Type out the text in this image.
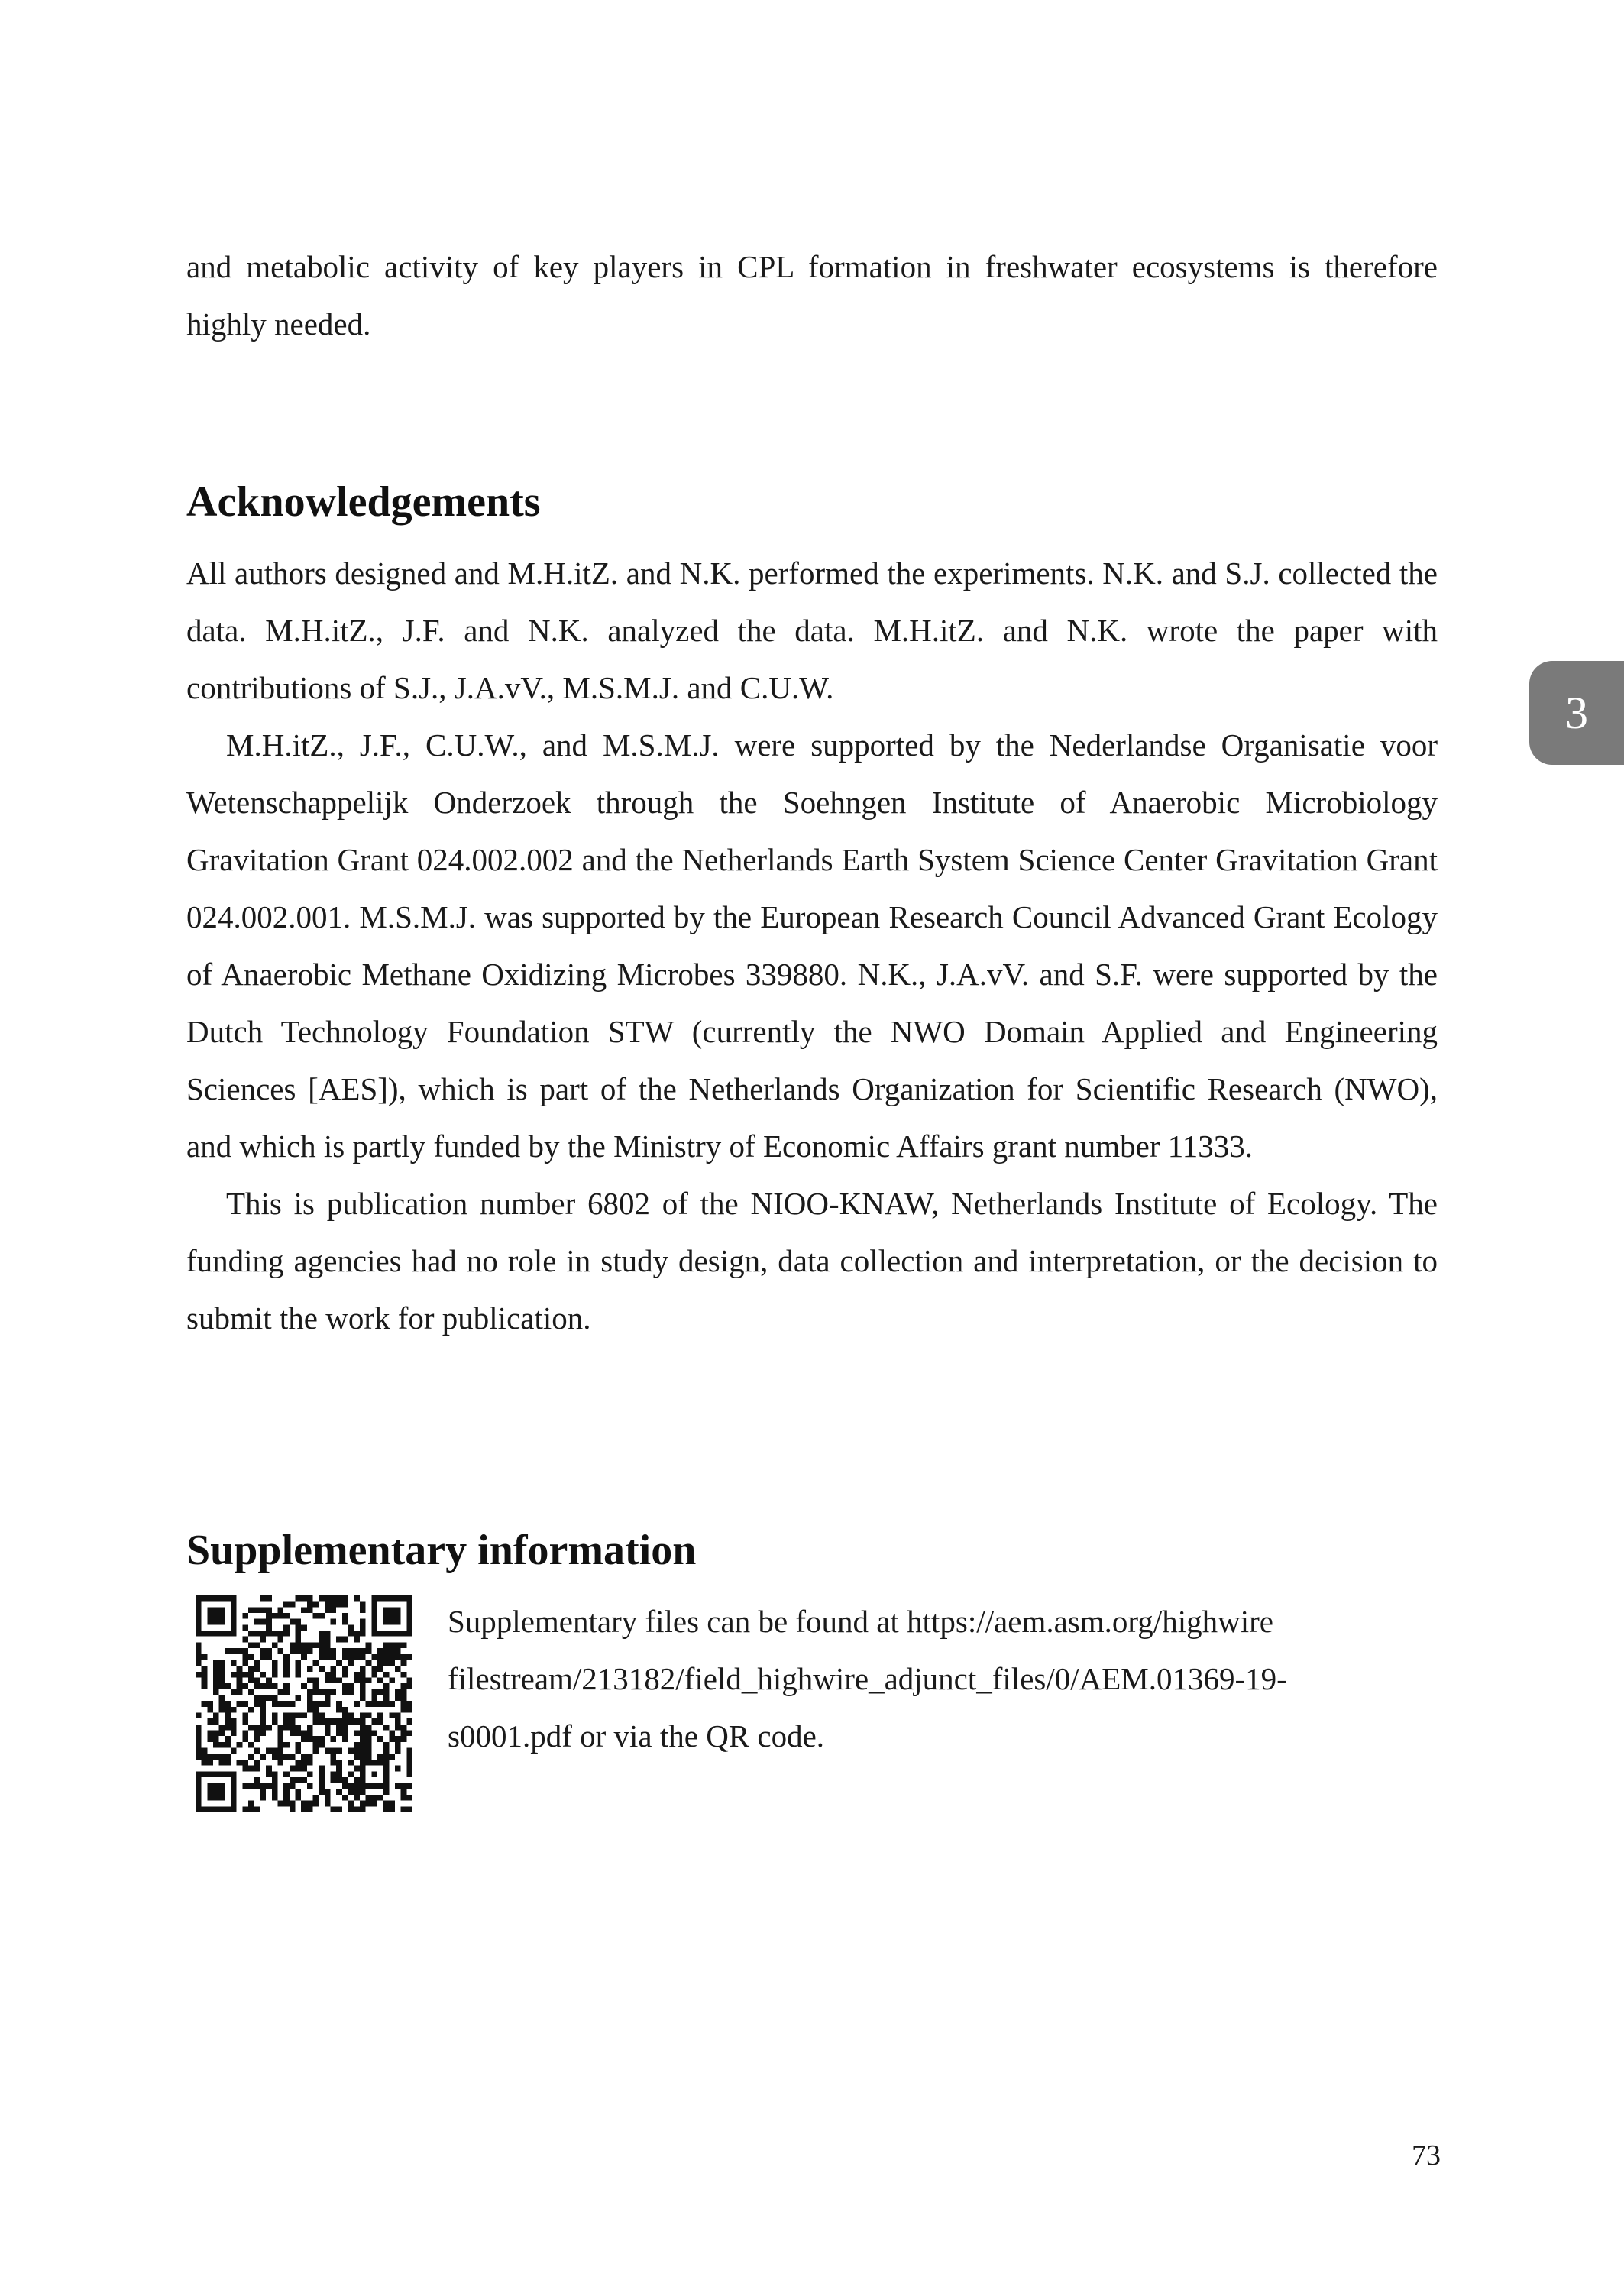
and metabolic activity of key players in CPL formation in freshwater ecosystems is therefore highly needed.

Acknowledgements

All authors designed and M.H.itZ. and N.K. performed the experiments. N.K. and S.J. collected the data. M.H.itZ., J.F. and N.K. analyzed the data. M.H.itZ. and N.K. wrote the paper with contributions of S.J., J.A.vV., M.S.M.J. and C.U.W.

M.H.itZ., J.F., C.U.W., and M.S.M.J. were supported by the Nederlandse Organisatie voor Wetenschappelijk Onderzoek through the Soehngen Institute of Anaerobic Microbiology Gravitation Grant 024.002.002 and the Netherlands Earth System Science Center Gravitation Grant 024.002.001. M.S.M.J. was supported by the European Research Council Advanced Grant Ecology of Anaerobic Methane Oxidizing Microbes 339880. N.K., J.A.vV. and S.F. were supported by the Dutch Technology Foundation STW (currently the NWO Domain Applied and Engineering Sciences [AES]), which is part of the Netherlands Organization for Scientific Research (NWO), and which is partly funded by the Ministry of Economic Affairs grant number 11333.

This is publication number 6802 of the NIOO-KNAW, Netherlands Institute of Ecology. The funding agencies had no role in study design, data collection and interpretation, or the decision to submit the work for publication.

Supplementary information

Supplementary files can be found at https://aem.asm.org/highwire
filestream/213182/field_highwire_adjunct_files/0/AEM.01369-19-
s0001.pdf or via the QR code.

3
73
